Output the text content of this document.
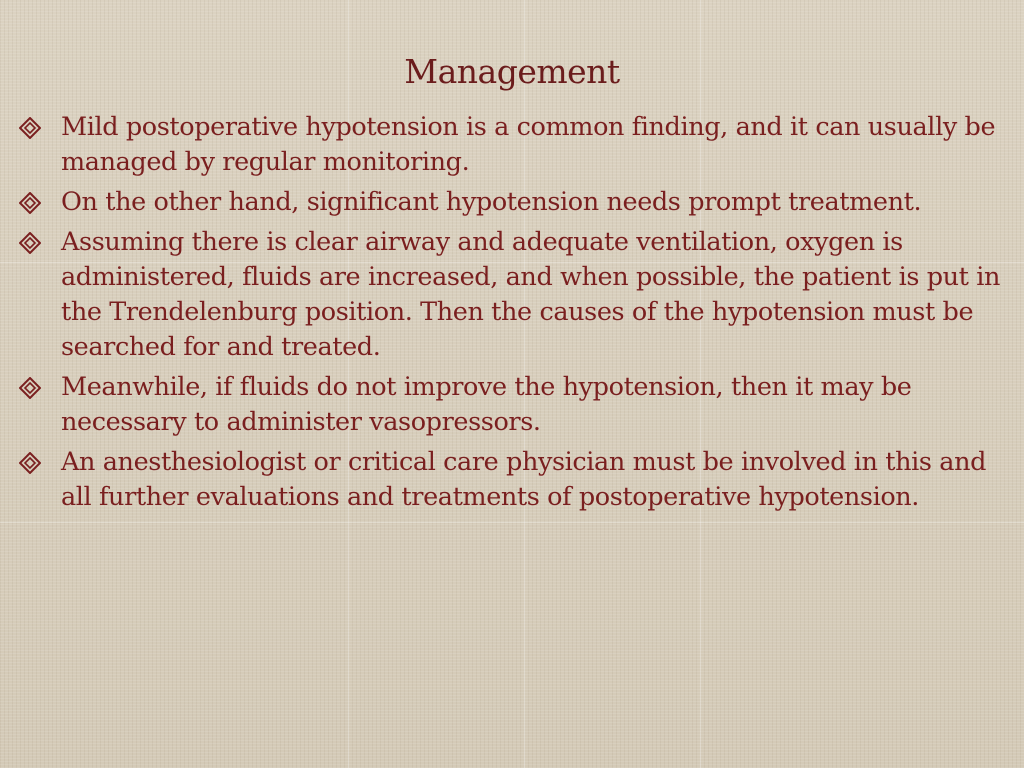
Management
Mild postoperative hypotension is a common finding, and it can usually be managed by regular monitoring.
On the other hand, significant hypotension needs prompt treatment.
Assuming there is clear airway and adequate ventilation, oxygen is administered, fluids are increased, and when possible, the patient is put in the Trendelenburg position. Then the causes of the hypotension must be searched for and treated.
Meanwhile, if fluids do not improve the hypotension, then it may be necessary to administer vasopressors.
An anesthesiologist or critical care physician must be involved in this and all further evaluations and treatments of postoperative hypotension.
